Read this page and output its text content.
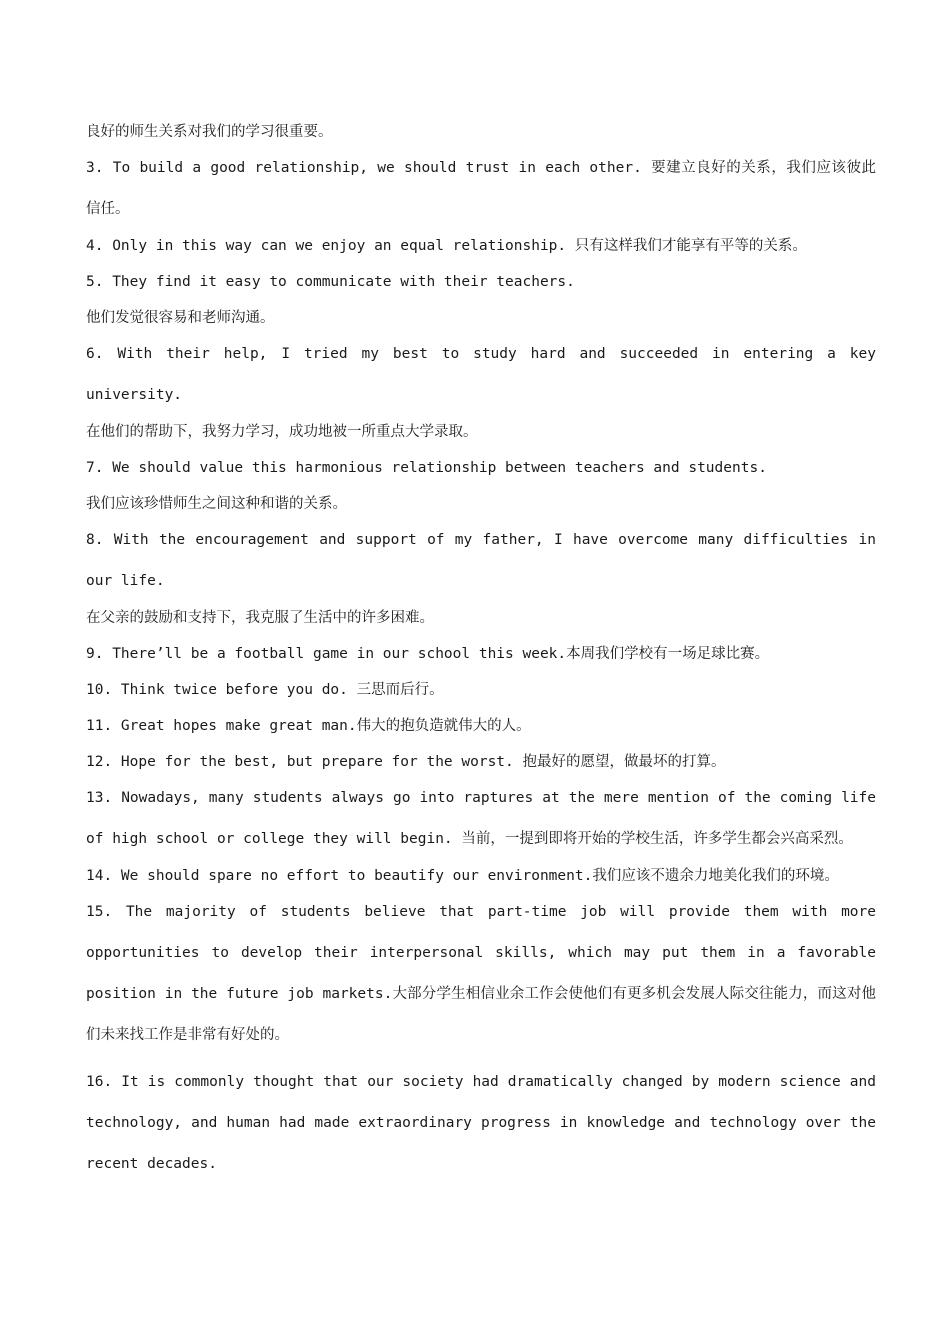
良好的师生关系对我们的学习很重要。

3. To build a good relationship, we should trust in each other. 要建立良好的关系，我们应该彼此信任。

4. Only in this way can we enjoy an equal relationship. 只有这样我们才能享有平等的关系。

5. They find it easy to communicate with their teachers.

他们发觉很容易和老师沟通。

6. With their help, I tried my best to study hard and succeeded in entering a key university.

在他们的帮助下，我努力学习，成功地被一所重点大学录取。

7. We should value this harmonious relationship between teachers and students.

我们应该珍惜师生之间这种和谐的关系。

8. With the encouragement and support of my father, I have overcome many difficulties in our life.

在父亲的鼓励和支持下，我克服了生活中的许多困难。

9. There’ll be a football game in our school this week.本周我们学校有一场足球比赛。

10. Think twice before you do. 三思而后行。

11. Great hopes make great man.伟大的抱负造就伟大的人。

12. Hope for the best, but prepare for the worst. 抱最好的愿望，做最坏的打算。

13. Nowadays, many students always go into raptures at the mere mention of the coming life of high school or college they will begin. 当前，一提到即将开始的学校生活，许多学生都会兴高采烈。

14. We should spare no effort to beautify our environment.我们应该不遗余力地美化我们的环境。

15. The majority of students believe that part-time job will provide them with more opportunities to develop their interpersonal skills, which may put them in a favorable position in the future job markets.大部分学生相信业余工作会使他们有更多机会发展人际交往能力，而这对他们未来找工作是非常有好处的。

16. It is commonly thought that our society had dramatically changed by modern science and technology, and human had made extraordinary progress in knowledge and technology over the recent decades.
